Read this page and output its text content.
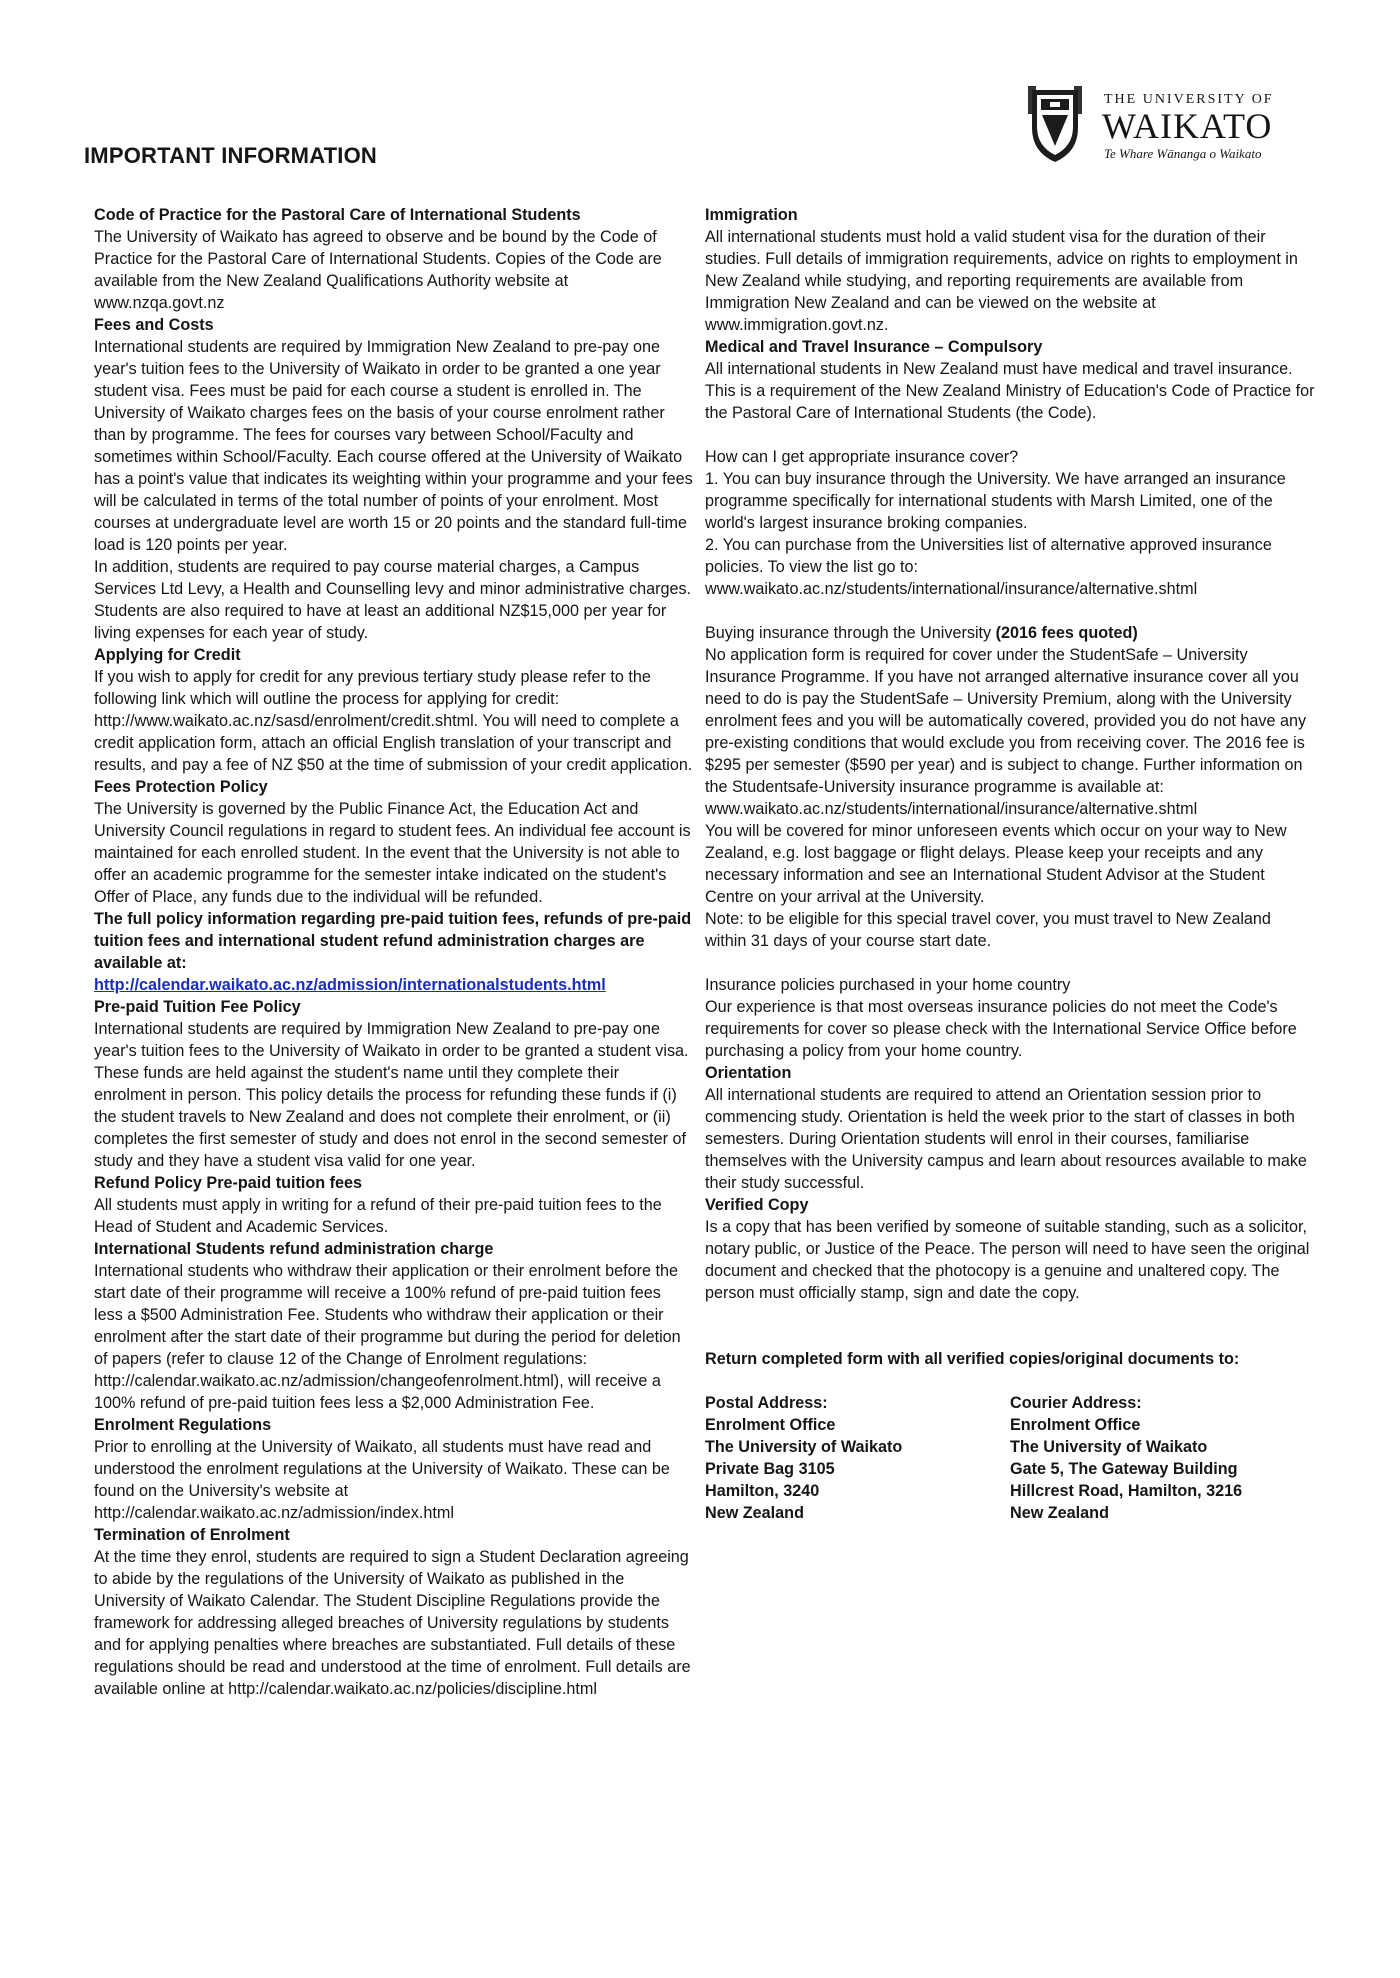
THE UNIVERSITY OF
WAIKATO
Te Whare Wānanga o Waikato
IMPORTANT INFORMATION
Code of Practice for the Pastoral Care of International Students

The University of Waikato has agreed to observe and be bound by the Code of Practice for the Pastoral Care of International Students. Copies of the Code are available from the New Zealand Qualifications Authority website at www.nzqa.govt.nz

Fees and Costs

International students are required by Immigration New Zealand to pre-pay one year's tuition fees to the University of Waikato in order to be granted a one year student visa. Fees must be paid for each course a student is enrolled in. The University of Waikato charges fees on the basis of your course enrolment rather than by programme. The fees for courses vary between School/Faculty and sometimes within School/Faculty. Each course offered at the University of Waikato has a point's value that indicates its weighting within your programme and your fees will be calculated in terms of the total number of points of your enrolment. Most courses at undergraduate level are worth 15 or 20 points and the standard full-time load is 120 points per year.

In addition, students are required to pay course material charges, a Campus Services Ltd Levy, a Health and Counselling levy and minor administrative charges. Students are also required to have at least an additional NZ$15,000 per year for living expenses for each year of study.

Applying for Credit

If you wish to apply for credit for any previous tertiary study please refer to the following link which will outline the process for applying for credit: http://www.waikato.ac.nz/sasd/enrolment/credit.shtml. You will need to complete a credit application form, attach an official English translation of your transcript and results, and pay a fee of NZ $50 at the time of submission of your credit application.

Fees Protection Policy

The University is governed by the Public Finance Act, the Education Act and University Council regulations in regard to student fees. An individual fee account is maintained for each enrolled student. In the event that the University is not able to offer an academic programme for the semester intake indicated on the student's Offer of Place, any funds due to the individual will be refunded.

The full policy information regarding pre-paid tuition fees, refunds of pre-paid tuition fees and international student refund administration charges are available at:

http://calendar.waikato.ac.nz/admission/internationalstudents.html

Pre-paid Tuition Fee Policy

International students are required by Immigration New Zealand to pre-pay one year's tuition fees to the University of Waikato in order to be granted a student visa. These funds are held against the student's name until they complete their enrolment in person. This policy details the process for refunding these funds if (i) the student travels to New Zealand and does not complete their enrolment, or (ii) completes the first semester of study and does not enrol in the second semester of study and they have a student visa valid for one year.

Refund Policy Pre-paid tuition fees

All students must apply in writing for a refund of their pre-paid tuition fees to the Head of Student and Academic Services.

International Students refund administration charge

International students who withdraw their application or their enrolment before the start date of their programme will receive a 100% refund of pre-paid tuition fees less a $500 Administration Fee. Students who withdraw their application or their enrolment after the start date of their programme but during the period for deletion of papers (refer to clause 12 of the Change of Enrolment regulations: http://calendar.waikato.ac.nz/admission/changeofenrolment.html), will receive a 100% refund of pre-paid tuition fees less a $2,000 Administration Fee.

Enrolment Regulations

Prior to enrolling at the University of Waikato, all students must have read and understood the enrolment regulations at the University of Waikato. These can be found on the University's website at http://calendar.waikato.ac.nz/admission/index.html

Termination of Enrolment

At the time they enrol, students are required to sign a Student Declaration agreeing to abide by the regulations of the University of Waikato as published in the University of Waikato Calendar. The Student Discipline Regulations provide the framework for addressing alleged breaches of University regulations by students and for applying penalties where breaches are substantiated. Full details of these regulations should be read and understood at the time of enrolment. Full details are available online at http://calendar.waikato.ac.nz/policies/discipline.html

Immigration

All international students must hold a valid student visa for the duration of their studies. Full details of immigration requirements, advice on rights to employment in New Zealand while studying, and reporting requirements are available from Immigration New Zealand and can be viewed on the website at www.immigration.govt.nz.

Medical and Travel Insurance – Compulsory

All international students in New Zealand must have medical and travel insurance. This is a requirement of the New Zealand Ministry of Education's Code of Practice for the Pastoral Care of International Students (the Code).

How can I get appropriate insurance cover?

1. You can buy insurance through the University. We have arranged an insurance programme specifically for international students with Marsh Limited, one of the world's largest insurance broking companies.

2. You can purchase from the Universities list of alternative approved insurance policies. To view the list go to: www.waikato.ac.nz/students/international/insurance/alternative.shtml

Buying insurance through the University (2016 fees quoted)

No application form is required for cover under the StudentSafe – University Insurance Programme. If you have not arranged alternative insurance cover all you need to do is pay the StudentSafe – University Premium, along with the University enrolment fees and you will be automatically covered, provided you do not have any pre-existing conditions that would exclude you from receiving cover. The 2016 fee is $295 per semester ($590 per year) and is subject to change. Further information on the Studentsafe-University insurance programme is available at: www.waikato.ac.nz/students/international/insurance/alternative.shtml

You will be covered for minor unforeseen events which occur on your way to New Zealand, e.g. lost baggage or flight delays. Please keep your receipts and any necessary information and see an International Student Advisor at the Student Centre on your arrival at the University.

Note: to be eligible for this special travel cover, you must travel to New Zealand within 31 days of your course start date.

Insurance policies purchased in your home country

Our experience is that most overseas insurance policies do not meet the Code's requirements for cover so please check with the International Service Office before purchasing a policy from your home country.

Orientation

All international students are required to attend an Orientation session prior to commencing study. Orientation is held the week prior to the start of classes in both semesters. During Orientation students will enrol in their courses, familiarise themselves with the University campus and learn about resources available to make their study successful.

Verified Copy

Is a copy that has been verified by someone of suitable standing, such as a solicitor, notary public, or Justice of the Peace. The person will need to have seen the original document and checked that the photocopy is a genuine and unaltered copy. The person must officially stamp, sign and date the copy.

Return completed form with all verified copies/original documents to:

Postal Address:
Enrolment Office
The University of Waikato
Private Bag 3105
Hamilton, 3240
New Zealand
Courier Address:
Enrolment Office
The University of Waikato
Gate 5, The Gateway Building
Hillcrest Road, Hamilton, 3216
New Zealand
